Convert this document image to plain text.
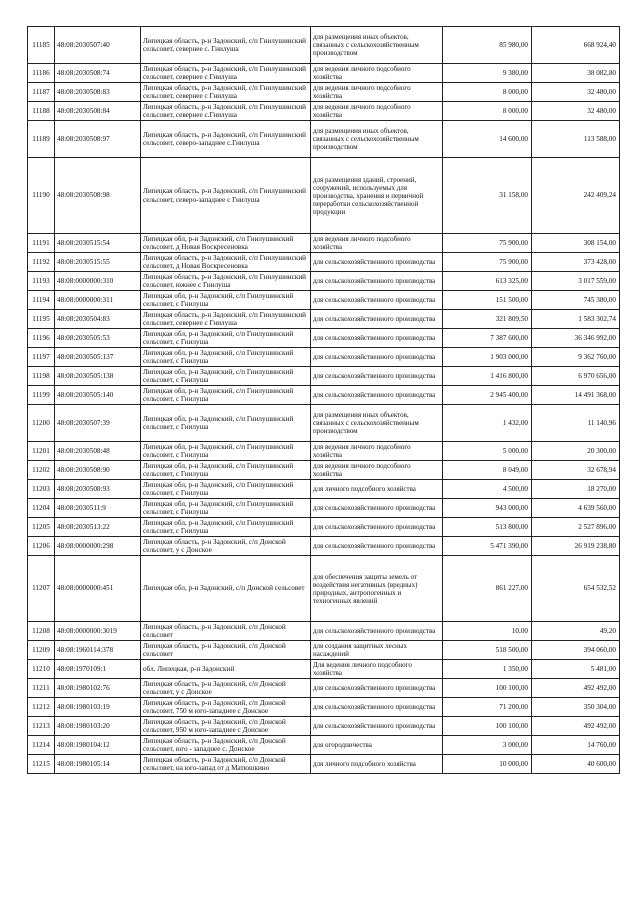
11185	48:08:2030507:40	Липецкая область, р-н Задонский, с/п Гнилушинский сельсовет, севернее с. Гнилуша	для размещения иных объектов, связанных с сельскохозяйственным производством	85 980,00	668 924,40
11186	48:08:2030508:74	Липецкая область, р-н Задонский, с/п Гнилушинский сельсовет, севернее с Гнилуша	для ведения личного подсобного хозяйства	9 380,00	38 082,80
11187	48:08:2030508:83	Липецкая область, р-н Задонский, с/п Гнилушинский сельсовет, севернее с Гнилуша	для ведения личного подсобного хозяйства	8 000,00	32 480,00
11188	48:08:2030508:84	Липецкая область, р-н Задонский, с/п Гнилушинский сельсовет, севернее с.Гнилуша	для ведения личного подсобного хозяйства	8 000,00	32 480,00
11189	48:08:2030508:97	Липецкая область, р-н Задонский, с/п Гнилушинский сельсовет, северо-западнее с.Гнилуша	для размещения иных объектов, связанных с сельскохозяйственным производством	14 600,00	113 588,00
11190	48:08:2030508:98	Липецкая область, р-н Задонский, с/п Гнилушинский сельсовет, северо-западнее с Гнилуша	для размещения зданий, строений, сооружений, используемых для производства, хранения и первичной переработки сельскохозяйственной продукции	31 158,00	242 409,24
11191	48:08:2030515:54	Липецкая обл, р-н Задонский, с/п Гнилушинский сельсовет, д Новая Воскресеновка	для ведения личного подсобного хозяйства	75 900,00	308 154,00
11192	48:08:2030515:55	Липецкая область, р-н Задонский, с/п Гнилушинский сельсовет, д Новая Воскресеновка	для сельскохозяйственного производства	75 900,00	373 428,00
11193	48:08:0000000:310	Липецкая область, р-н Задонский, с/п Гнилушинский сельсовет, южнее с Гнилуша	для сельскохозяйственного производства	613 325,00	3 017 559,00
11194	48:08:0000000:311	Липецкая обл, р-н Задонский, с/п Гнилушинский сельсовет, с Гнилуша	для сельскохозяйственного производства	151 500,00	745 380,00
11195	48:08:2030504:83	Липецкая область, р-н Задонский, с/п Гнилушинский сельсовет, севернее с Гнилуша	для сельскохозяйственного производства	321 809,50	1 583 302,74
11196	48:08:2030505:53	Липецкая обл, р-н Задонский, с/п Гнилушинский сельсовет, с Гнилуша	для сельскохозяйственного производства	7 387 600,00	36 346 992,00
11197	48:08:2030505:137	Липецкая обл, р-н Задонский, с/п Гнилушинский сельсовет, с Гнилуша	для сельскохозяйственного производства	1 903 000,00	9 362 760,00
11198	48:08:2030505:138	Липецкая обл, р-н Задонский, с/п Гнилушинский сельсовет, с Гнилуша	для сельскохозяйственного производства	1 416 800,00	6 970 656,00
11199	48:08:2030505:140	Липецкая обл, р-н Задонский, с/п Гнилушинский сельсовет, с Гнилуша	для сельскохозяйственного производства	2 945 400,00	14 491 368,00
11200	48:08:2030507:39	Липецкая обл, р-н Задонский, с/п Гнилушинский сельсовет, с Гнилуша	для размещения иных объектов, связанных с сельскохозяйственным производством	1 432,00	11 140,96
11201	48:08:2030508:48	Липецкая обл, р-н Задонский, с/п Гнилушинский сельсовет, с Гнилуша	для ведения личного подсобного хозяйства	5 000,00	20 300,00
11202	48:08:2030508:90	Липецкая обл, р-н Задонский, с/п Гнилушинский сельсовет, с Гнилуша	для ведения личного подсобного хозяйства	8 049,00	32 678,94
11203	48:08:2030508:93	Липецкая обл, р-н Задонский, с/п Гнилушинский сельсовет, с Гнилуша	для личного подсобного хозяйства	4 500,00	18 270,00
11204	48:08:2030511:9	Липецкая обл, р-н Задонский, с/п Гнилушинский сельсовет, с Гнилуша	для сельскохозяйственного производства	943 000,00	4 639 560,00
11205	48:08:2030513:22	Липецкая обл, р-н Задонский, с/п Гнилушинский сельсовет, с Гнилуша	для сельскохозяйственного производства	513 800,00	2 527 896,00
11206	48:08:0000000:298	Липецкая область, р-н Задонский, с/п Донской сельсовет, у с Донское	для сельскохозяйственного производства	5 471 390,00	26 919 238,80
11207	48:08:0000000:451	Липецкая обл, р-н Задонский, с/п Донской сельсовет	для обеспечения защиты земель от воздействия негативных (вредных) природных, антропогенных и техногенных явлений	861 227,00	654 532,52
11208	48:08:0000000:3019	Липецкая область, р-н Задонский, с/п Донской сельсовет	для сельскохозяйственного производства	10,00	49,20
11209	48:08:1960114:378	Липецкая область, р-н Задонский, с/п Донской сельсовет	для создания защитных лесных насаждений	518 500,00	394 060,00
11210	48:08:1970109:1	обл. Липецкая, р-н Задонский	Для ведения личного подсобного хозяйства	1 350,00	5 481,00
11211	48:08:1980102:76	Липецкая область, р-н Задонский, с/п Донской сельсовет, у с Донское	для сельскохозяйственного производства	100 100,00	492 492,00
11212	48:08:1980103:19	Липецкая область, р-н Задонский, с/п Донской сельсовет, 750 м юго-западнее с Донское	для сельскохозяйственного производства	71 200,00	350 304,00
11213	48:08:1980103:20	Липецкая область, р-н Задонский, с/п Донской сельсовет, 950 м юго-западнее с Донское	для сельскохозяйственного производства	100 100,00	492 492,00
11214	48:08:1980104:12	Липецкая область, р-н Задонский, с/п Донской сельсовет, юго - западнее с. Донское	для огородничества	3 000,00	14 760,00
11215	48:08:1980105:14	Липецкая область, р-н Задонский, с/п Донской сельсовет, на юго-запад от д Матюшкино	для личного подсобного хозяйства	10 000,00	40 600,00
